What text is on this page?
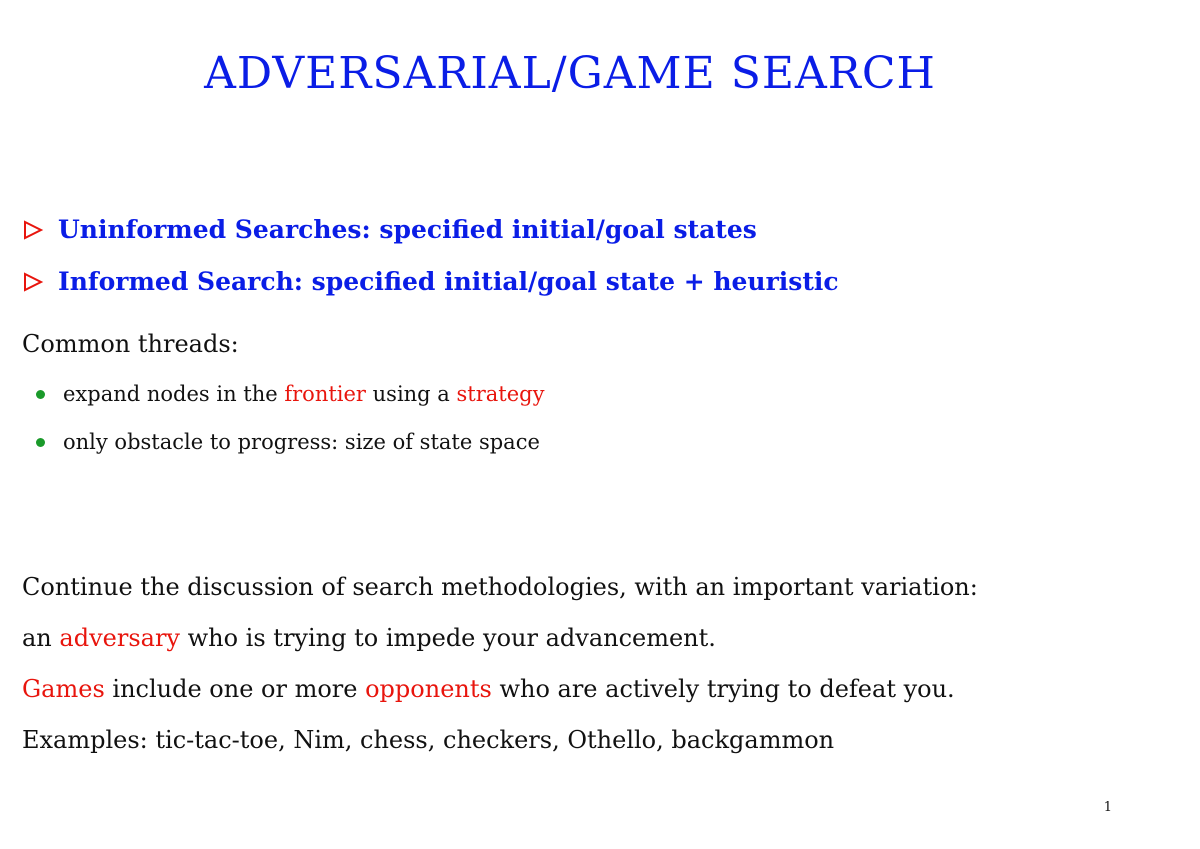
ADVERSARIAL/GAME SEARCH
Uninformed Searches: specified initial/goal states
Informed Search: specified initial/goal state + heuristic
Common threads:
expand nodes in the frontier using a strategy
only obstacle to progress: size of state space
Continue the discussion of search methodologies, with an important variation:
an adversary who is trying to impede your advancement.
Games include one or more opponents who are actively trying to defeat you.
Examples: tic-tac-toe, Nim, chess, checkers, Othello, backgammon
1
